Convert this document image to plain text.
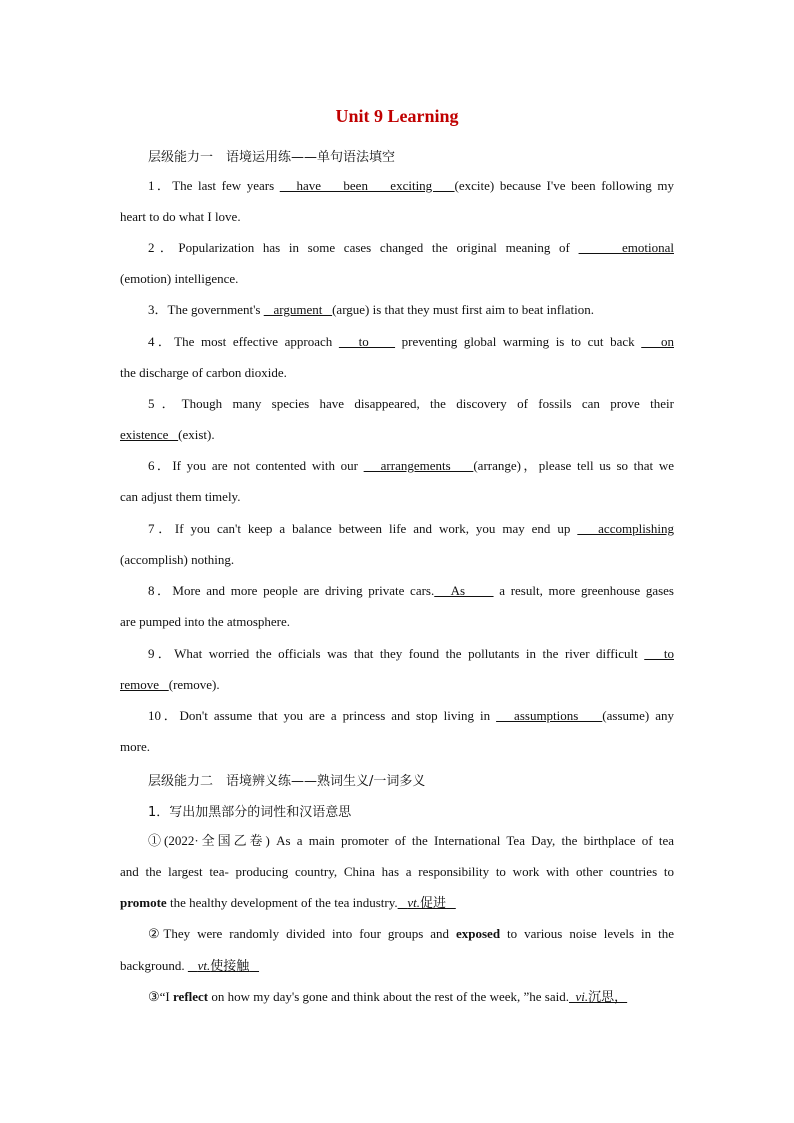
Unit 9 Learning
层级能力一　语境运用练——单句语法填空
1．The last few years    have    been    exciting    (excite) because I've been following my
heart to do what I love.
2．Popularization has in some cases changed the original meaning of      emotional
(emotion) intelligence.
3．The government's    argument   (argue) is that they must first aim to beat inflation.
4．The most effective approach    to     preventing global warming is to cut back    on
the discharge of carbon dioxide.
5．Though many species have disappeared, the discovery of fossils can prove their
existence   (exist).
6．If you are not contented with our    arrangements    (arrange)，please tell us so that we
can adjust them timely.
7．If you can't keep a balance between life and work, you may end up    accomplishing
(accomplish) nothing.
8．More and more people are driving private cars.   As      a result, more greenhouse gases
are pumped into the atmosphere.
9．What worried the officials was that they found the pollutants in the river difficult    to
remove   (remove).
10．Don't assume that you are a princess and stop living in    assumptions    (assume) any
more.
层级能力二　语境辨义练——熟词生义/一词多义
1．写出加黑部分的词性和汉语意思
①(2022·全国乙卷) As a main promoter of the International Tea Day, the birthplace of tea
and the largest tea- producing country, China has a responsibility to work with other countries to
promote the healthy development of the tea industry. vt.促进
②They were randomly divided into four groups and exposed to various noise levels in the
background. vt.使接触
③“I reflect on how my day's gone and think about the rest of the week, ”he said. vi.沉思，
